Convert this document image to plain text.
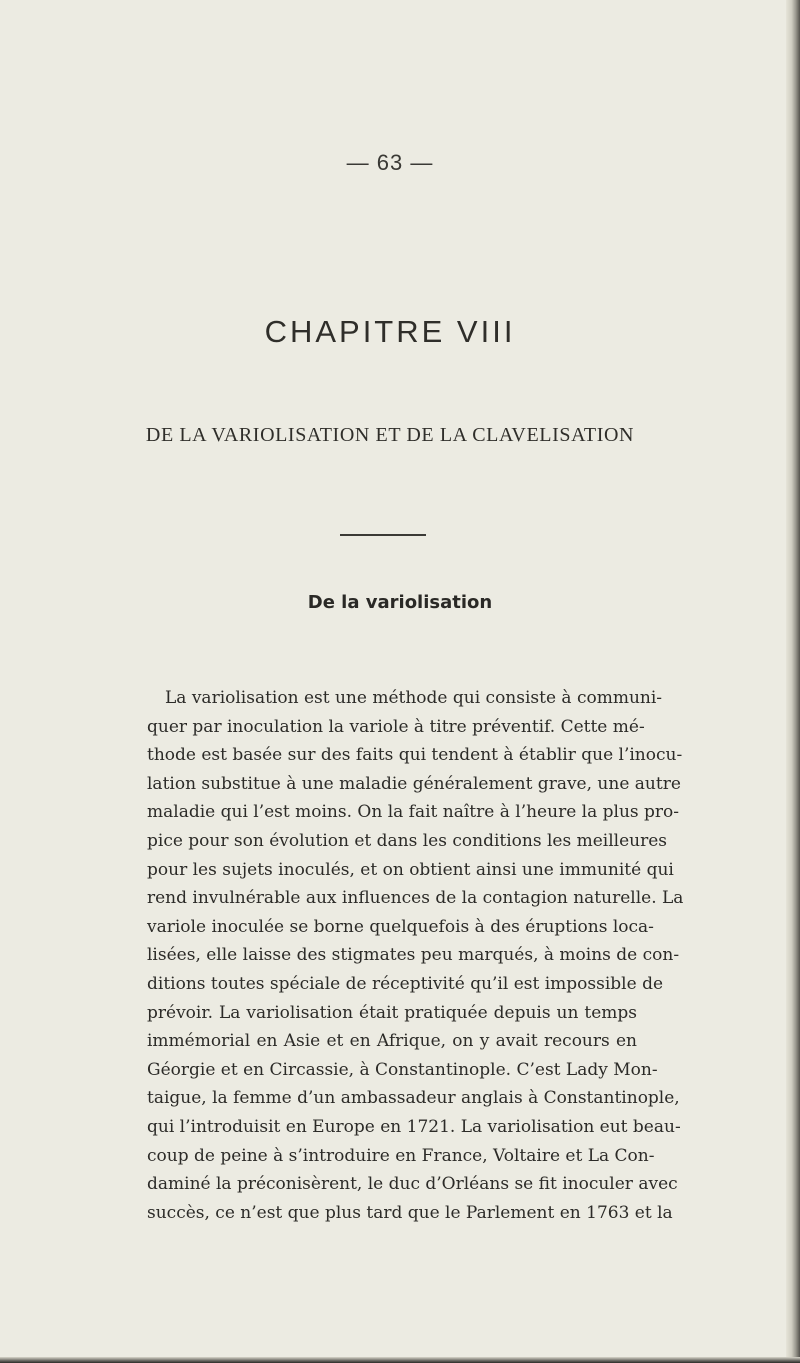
— 63 —
CHAPITRE VIII
DE LA VARIOLISATION ET DE LA CLAVELISATION
De la variolisation
La variolisation est une méthode qui consiste à communi-
quer par inoculation la variole à titre préventif. Cette mé-
thode est basée sur des faits qui tendent à établir que l’inocu-
lation substitue à une maladie généralement grave, une autre
maladie qui l’est moins. On la fait naître à l’heure la plus pro-
pice pour son évolution et dans les conditions les meilleures
pour les sujets inoculés, et on obtient ainsi une immunité qui
rend invulnérable aux influences de la contagion naturelle. La
variole inoculée se borne quelquefois à des éruptions loca-
lisées, elle laisse des stigmates peu marqués, à moins de con-
ditions toutes spéciale de réceptivité qu’il est impossible de
prévoir. La variolisation était pratiquée depuis un temps
immémorial en Asie et en Afrique, on y avait recours en
Géorgie et en Circassie, à Constantinople. C’est Lady Mon-
taigue, la femme d’un ambassadeur anglais à Constantinople,
qui l’introduisit en Europe en 1721. La variolisation eut beau-
coup de peine à s’introduire en France, Voltaire et La Con-
daminé la préconisèrent, le duc d’Orléans se fit inoculer avec
succès, ce n’est que plus tard que le Parlement en 1763 et la
